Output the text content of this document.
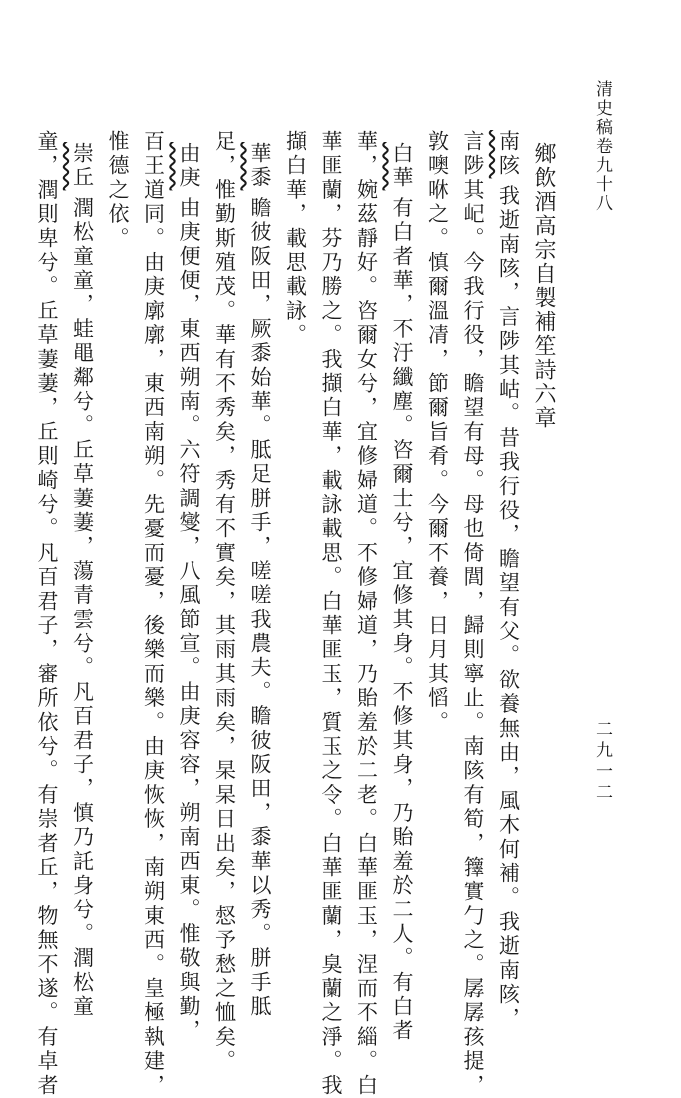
清史稿卷九十八
二九一二
鄉飲酒高宗自製補笙詩六章
南陔我逝南陔，言陟其岵。昔我行役，瞻望有父。欲養無由，風木何補。我逝南陔，
言陟其屺。今我行役，瞻望有母。母也倚閭，歸則寧止。南陔有筍，籜實勹之。孱孱孩提，
敦噢咻之。慎爾溫凊，節爾旨肴。今爾不養，日月其慆。
白華有白者華，不汙纖塵。咨爾士兮，宜修其身。不修其身，乃貽羞於二人。有白者
華，婉茲靜好。咨爾女兮，宜修婦道。不修婦道，乃貽羞於二老。白華匪玉，涅而不緇。白
華匪蘭，芬乃勝之。我擷白華，載詠載思。白華匪玉，質玉之令。白華匪蘭，臭蘭之淨。我
擷白華，載思載詠。
華黍瞻彼阪田，厥黍始華。胝足胼手，嗟嗟我農夫。瞻彼阪田，黍華以秀。胼手胝
足，惟勤斯殖茂。華有不秀矣，秀有不實矣，其雨其雨矣，杲杲日出矣，惄予愁之恤矣。
由庚由庚便便，東西朔南。六符調燮，八風節宣。由庚容容，朔南西東。惟敬與勤，
百王道同。由庚廓廓，東西南朔。先憂而憂，後樂而樂。由庚恢恢，南朔東西。皇極執建，
惟德之依。
崇丘潤松童童，蛙黽鄰兮。丘草萋萋，蕩青雲兮。凡百君子，慎乃託身兮。潤松童
童，潤則卑兮。丘草萋萋，丘則崎兮。凡百君子，審所依兮。有崇者丘，物無不遂。有卓者
